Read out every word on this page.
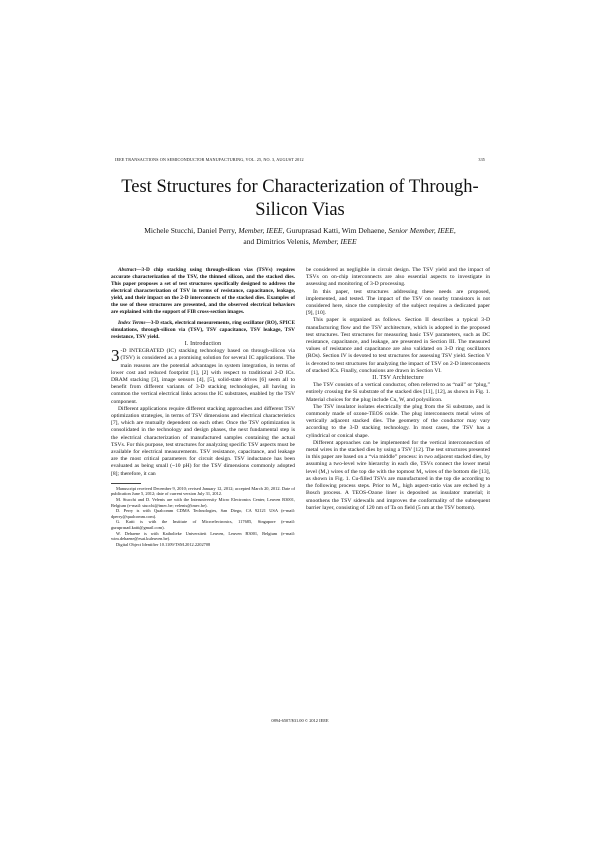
IEEE TRANSACTIONS ON SEMICONDUCTOR MANUFACTURING, VOL. 25, NO. 3, AUGUST 2012	335
Test Structures for Characterization of Through-Silicon Vias
Michele Stucchi, Daniel Perry, Member, IEEE, Guruprasad Katti, Wim Dehaene, Senior Member, IEEE,
and Dimitrios Velenis, Member, IEEE

Abstract—3-D chip stacking using through-silicon vias (TSVs) requires accurate characterization of the TSV, the thinned silicon, and the stacked dies. This paper proposes a set of test structures specifically designed to address the electrical characterization of TSV in terms of resistance, capacitance, leakage, yield, and their impact on the 2-D interconnects of the stacked dies. Examples of the use of these structures are presented, and the observed electrical behaviors are explained with the support of FIB cross-section images.

Index Terms—3-D stack, electrical measurements, ring oscillator (RO), SPICE simulations, through-silicon via (TSV), TSV capacitance, TSV leakage, TSV resistance, TSV yield.

I. Introduction

3 -D INTEGRATED (IC) stacking technology based on through-silicon via (TSV) is considered as a promising solution for several IC applications. The main reasons are the potential advantages in system integration, in terms of lower cost and reduced footprint [1], [2] with respect to traditional 2-D ICs. DRAM stacking [3], image sensors [4], [5], solid-state drives [6] seem all to benefit from different variants of 3-D stacking technologies, all having in common the vertical electrical links across the IC substrates, enabled by the TSV component.

Different applications require different stacking approaches and different TSV optimization strategies, in terms of TSV dimensions and electrical characteristics [7], which are mutually dependent on each other. Once the TSV optimization is consolidated in the technology and design phases, the next fundamental step is the electrical characterization of manufactured samples containing the actual TSVs. For this purpose, test structures for analyzing specific TSV aspects must be available for electrical measurements. TSV resistance, capacitance, and leakage are the most critical parameters for circuit design. TSV inductance has been evaluated as being small (~10 pH) for the TSV dimensions commonly adopted [8]; therefore, it can

Manuscript received December 9, 2010; revised January 12, 2012; accepted March 20, 2012. Date of publication June 5, 2012; date of current version July 31, 2012.

M. Stucchi and D. Velenis are with the Interuniversity Micro Electronics Center, Leuven B3001, Belgium (e-mail: stucchi@imec.be; velenis@imec.be).

D. Perry is with Qualcomm CDMA Technologies, San Diego, CA 92121 USA (e-mail: dperry@qualcomm.com).

G. Katti is with the Institute of Microelectronics, 117685, Singapore (e-mail: guruprasad.katti@gmail.com).

W. Dehaene is with Katholieke Universiteit Leuven, Leuven B3001, Belgium (e-mail: wim.dehaene@esat.kuleuven.be).

Digital Object Identifier 10.1109/TSM.2012.2202708

be considered as negligible in circuit design. The TSV yield and the impact of TSVs on on-chip interconnects are also essential aspects to investigate in assessing and monitoring of 3-D processing.

In this paper, test structures addressing these needs are proposed, implemented, and tested. The impact of the TSV on nearby transistors is not considered here, since the complexity of the subject requires a dedicated paper [9], [10].

This paper is organized as follows. Section II describes a typical 3-D manufacturing flow and the TSV architecture, which is adopted in the proposed test structures. Test structures for measuring basic TSV parameters, such as DC resistance, capacitance, and leakage, are presented in Section III. The measured values of resistance and capacitance are also validated on 3-D ring oscillators (ROs). Section IV is devoted to test structures for assessing TSV yield. Section V is devoted to test structures for analyzing the impact of TSV on 2-D interconnects of stacked ICs. Finally, conclusions are drawn in Section VI.

II. TSV Architecture

The TSV consists of a vertical conductor, often referred to as “nail” or “plug,” entirely crossing the Si substrate of the stacked dies [11], [12], as shown in Fig. 1. Material choices for the plug include Cu, W, and polysilicon.

The TSV insulator isolates electrically the plug from the Si substrate, and is commonly made of ozone-TEOS oxide. The plug interconnects metal wires of vertically adjacent stacked dies. The geometry of the conductor may vary according to the 3-D stacking technology. In most cases, the TSV has a cylindrical or conical shape.

Different approaches can be implemented for the vertical interconnection of metal wires in the stacked dies by using a TSV [12]. The test structures presented in this paper are based on a “via middle” process: in two adjacent stacked dies, by assuming a two-level wire hierarchy in each die, TSVs connect the lower metal level (M₁) wires of the top die with the topmost M₂ wires of the bottom die [13], as shown in Fig. 1. Cu-filled TSVs are manufactured in the top die according to the following process steps. Prior to M₁, high aspect-ratio vias are etched by a Bosch process. A TEOS-Ozone liner is deposited as insulator material; it smoothens the TSV sidewalls and improves the conformality of the subsequent barrier layer, consisting of 120 nm of Ta on field (5 nm at the TSV bottom).

0894-6507/$31.00 © 2012 IEEE
